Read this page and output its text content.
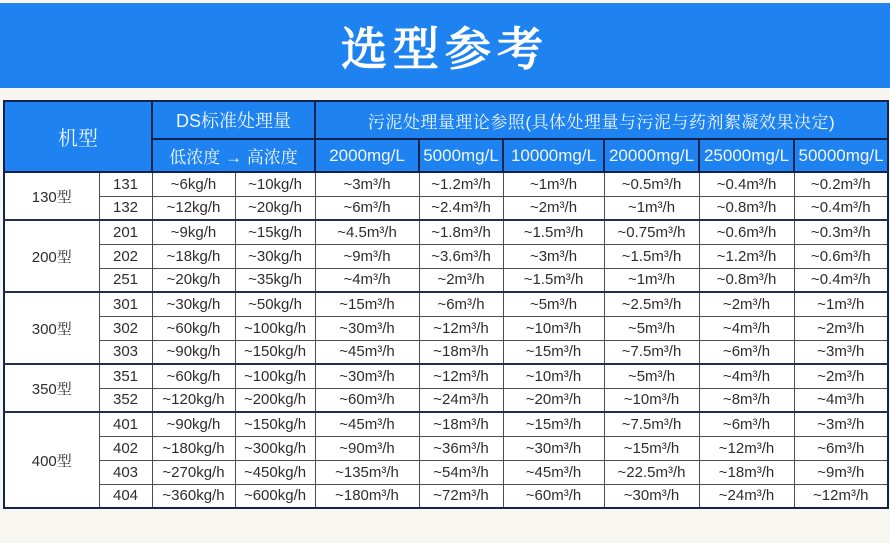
选型参考
机型		DS标准处理量		污泥处理量理论参照(具体处理量与污泥与药剂絮凝效果决定)					
		低浓度 → 高浓度		2000mg/L	5000mg/L	10000mg/L	20000mg/L	25000mg/L	50000mg/L
130型	131	~6kg/h	~10kg/h	~3m³/h	~1.2m³/h	~1m³/h	~0.5m³/h	~0.4m³/h	~0.2m³/h
	132	~12kg/h	~20kg/h	~6m³/h	~2.4m³/h	~2m³/h	~1m³/h	~0.8m³/h	~0.4m³/h
200型	201	~9kg/h	~15kg/h	~4.5m³/h	~1.8m³/h	~1.5m³/h	~0.75m³/h	~0.6m³/h	~0.3m³/h
	202	~18kg/h	~30kg/h	~9m³/h	~3.6m³/h	~3m³/h	~1.5m³/h	~1.2m³/h	~0.6m³/h
	251	~20kg/h	~35kg/h	~4m³/h	~2m³/h	~1.5m³/h	~1m³/h	~0.8m³/h	~0.4m³/h
300型	301	~30kg/h	~50kg/h	~15m³/h	~6m³/h	~5m³/h	~2.5m³/h	~2m³/h	~1m³/h
	302	~60kg/h	~100kg/h	~30m³/h	~12m³/h	~10m³/h	~5m³/h	~4m³/h	~2m³/h
	303	~90kg/h	~150kg/h	~45m³/h	~18m³/h	~15m³/h	~7.5m³/h	~6m³/h	~3m³/h
350型	351	~60kg/h	~100kg/h	~30m³/h	~12m³/h	~10m³/h	~5m³/h	~4m³/h	~2m³/h
	352	~120kg/h	~200kg/h	~60m³/h	~24m³/h	~20m³/h	~10m³/h	~8m³/h	~4m³/h
400型	401	~90kg/h	~150kg/h	~45m³/h	~18m³/h	~15m³/h	~7.5m³/h	~6m³/h	~3m³/h
	402	~180kg/h	~300kg/h	~90m³/h	~36m³/h	~30m³/h	~15m³/h	~12m³/h	~6m³/h
	403	~270kg/h	~450kg/h	~135m³/h	~54m³/h	~45m³/h	~22.5m³/h	~18m³/h	~9m³/h
	404	~360kg/h	~600kg/h	~180m³/h	~72m³/h	~60m³/h	~30m³/h	~24m³/h	~12m³/h
